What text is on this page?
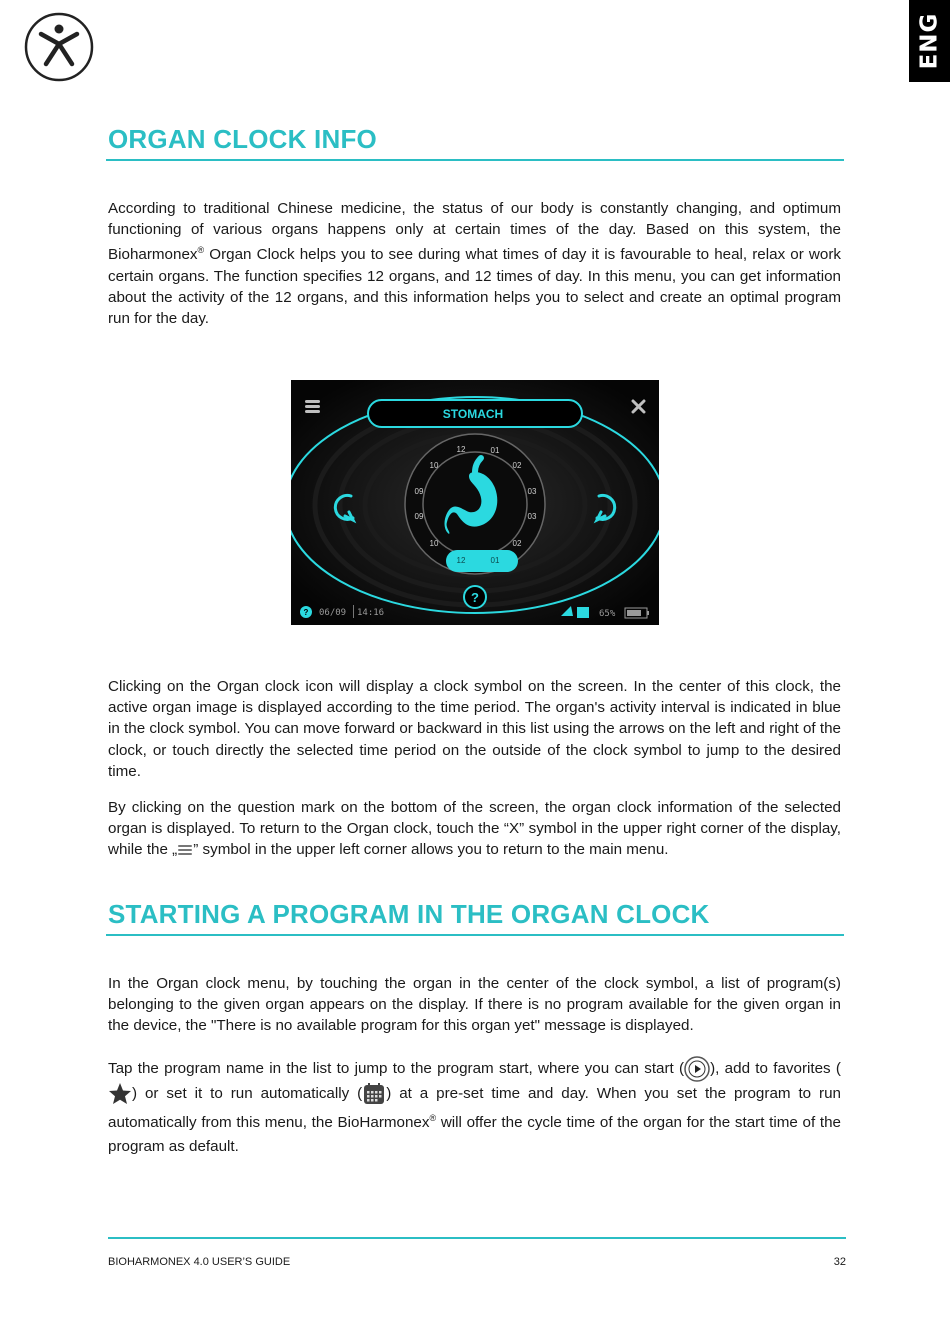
ENG
ORGAN CLOCK INFO

According to traditional Chinese medicine, the status of our body is constantly changing, and optimum functioning of various organs happens only at certain times of the day. Based on this system, the Bioharmonex® Organ Clock helps you to see during what times of day it is favourable to heal, relax or work certain organs. The function specifies 12 organs, and 12 times of day. In this menu, you can get information about the activity of the 12 organs, and this information helps you to select and create an optimal program run for the day.

STOMACH
12	01
02
03
03
02
10
09
09
10
12	01
?
? 06/09 14:16	65%

Clicking on the Organ clock icon will display a clock symbol on the screen. In the center of this clock, the active organ image is displayed according to the time period. The organ's activity interval is indicated in blue in the clock symbol. You can move forward or backward in this list using the arrows on the left and right of the clock, or touch directly the selected time period on the outside of the clock symbol to jump to the desired time.

By clicking on the question mark on the bottom of the screen, the organ clock information of the selected organ is displayed. To return to the Organ clock, touch the “X” symbol in the upper right corner of the display, while the „ ” symbol in the upper left corner allows you to return to the main menu.

STARTING A PROGRAM IN THE ORGAN CLOCK

In the Organ clock menu, by touching the organ in the center of the clock symbol, a list of program(s) belonging to the given organ appears on the display. If there is no program available for the given organ in the device, the "There is no available program for this organ yet" message is displayed.

Tap the program name in the list to jump to the program start, where you can start ( ), add to favorites () or set it to run automatically ( ) at a pre-set time and day. When you set the program to run automatically from this menu, the BioHarmonex® will offer the cycle time of the organ for the start time of the program as default.

BIOHARMONEX 4.0 USER’S GUIDE	32
